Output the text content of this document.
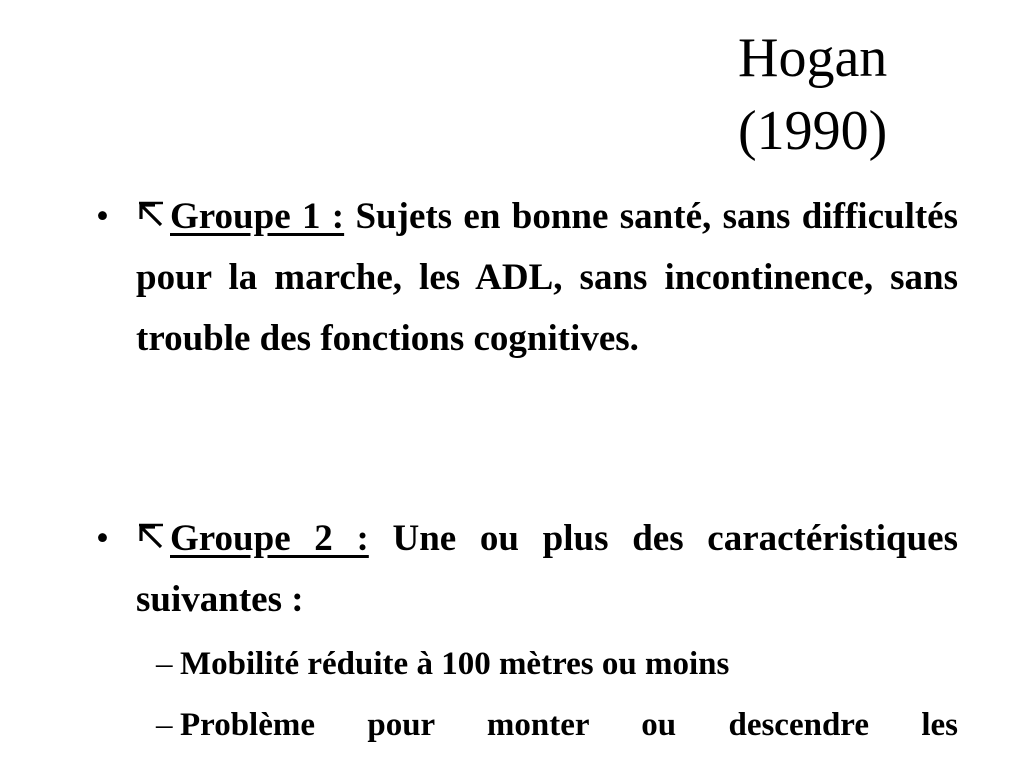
Hogan
(1990)
•	Groupe 1 : Sujets en bonne santé, sans difficultés pour la marche, les ADL, sans incontinence, sans trouble des fonctions cognitives.
•	Groupe 2 : Une ou plus des caractéristiques suivantes :
– Mobilité réduite à 100 mètres ou moins
– Problème pour monter ou descendre les
